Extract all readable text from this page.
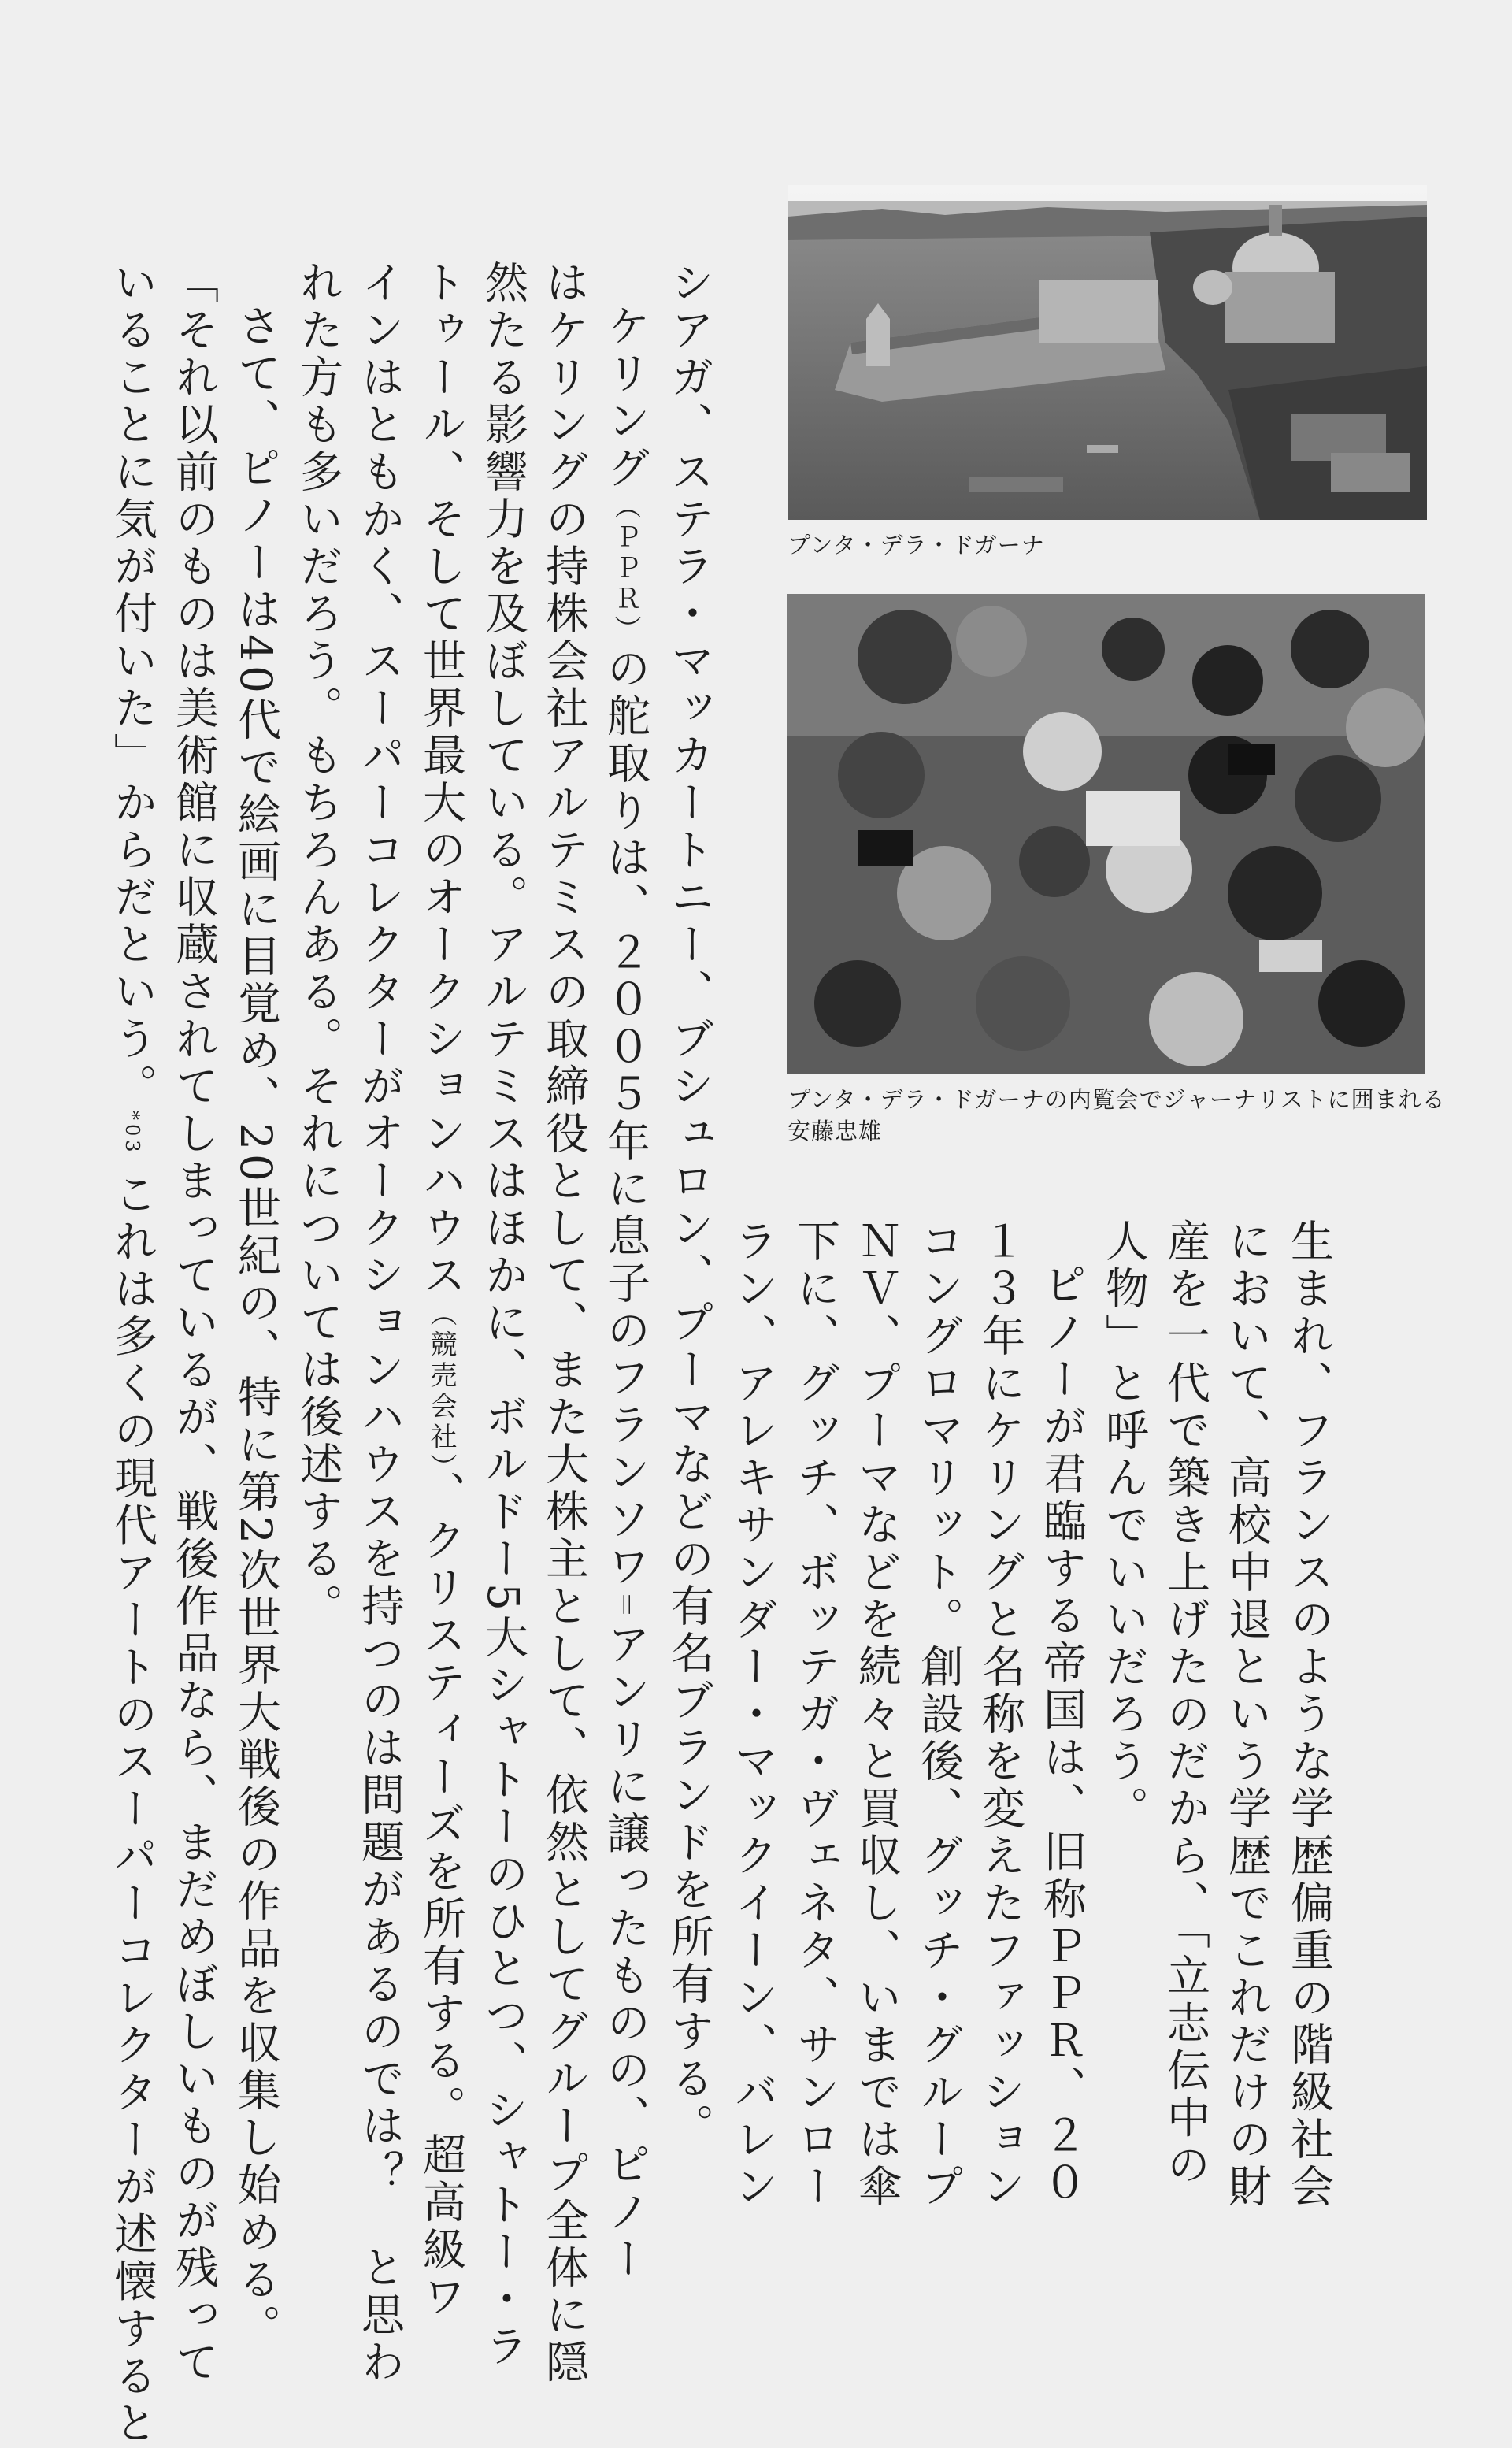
プンタ・デラ・ドガーナ
プンタ・デラ・ドガーナの内覧会でジャーナリストに囲まれる
安藤忠雄
シアガ、ステラ・マッカートニー、ブシュロン、プーマなどの有名ブランドを所有する。
ケリング（ＰＰＲ）の舵取りは、２００５年に息子のフランソワ＝アンリに譲ったものの、ピノー
はケリングの持株会社アルテミスの取締役として、また大株主として、依然としてグループ全体に隠
然たる影響力を及ぼしている。アルテミスはほかに、ボルドー5大シャトーのひとつ、シャトー・ラ
トゥール、そして世界最大のオークションハウス（競売会社）、クリスティーズを所有する。超高級ワ
インはともかく、スーパーコレクターがオークションハウスを持つのは問題があるのでは？　と思わ
れた方も多いだろう。もちろんある。それについては後述する。
さて、ピノーは40代で絵画に目覚め、20世紀の、特に第2次世界大戦後の作品を収集し始める。
「それ以前のものは美術館に収蔵されてしまっているが、戦後作品なら、まだめぼしいものが残って
いることに気が付いた」からだという。*03これは多くの現代アートのスーパーコレクターが述懐すると	生まれ、フランスのような学歴偏重の階級社会
において、高校中退という学歴でこれだけの財
産を一代で築き上げたのだから、「立志伝中の
人物」と呼んでいいだろう。
ピノーが君臨する帝国は、旧称ＰＰＲ、２０
１３年にケリングと名称を変えたファッション
コングロマリット。創設後、グッチ・グループ
ＮＶ、プーマなどを続々と買収し、いまでは傘
下に、グッチ、ボッテガ・ヴェネタ、サンロー
ラン、アレキサンダー・マックイーン、バレン
